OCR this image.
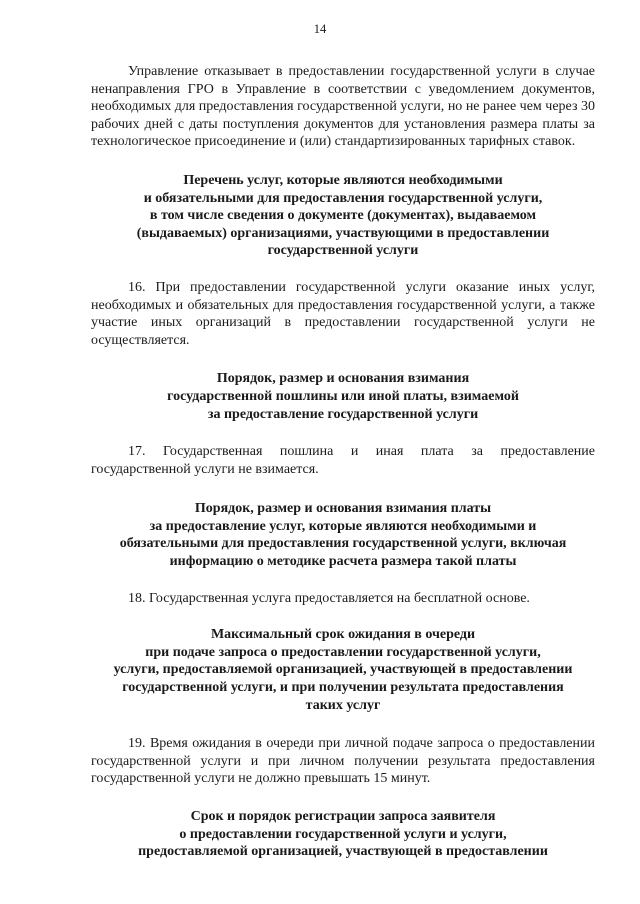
14

Управление отказывает в предоставлении государственной услуги в случае ненаправления ГРО в Управление в соответствии с уведомлением документов, необходимых для предоставления государственной услуги, но не ранее чем через 30 рабочих дней с даты поступления документов для установления размера платы за технологическое присоединение и (или) стандартизированных тарифных ставок.

Перечень услуг, которые являются необходимыми
и обязательными для предоставления государственной услуги,
в том числе сведения о документе (документах), выдаваемом
(выдаваемых) организациями, участвующими в предоставлении
государственной услуги

16. При предоставлении государственной услуги оказание иных услуг, необходимых и обязательных для предоставления государственной услуги, а также участие иных организаций в предоставлении государственной услуги не осуществляется.

Порядок, размер и основания взимания
государственной пошлины или иной платы, взимаемой
за предоставление государственной услуги

17. Государственная пошлина и иная плата за предоставление государственной услуги не взимается.

Порядок, размер и основания взимания платы
за предоставление услуг, которые являются необходимыми и
обязательными для предоставления государственной услуги, включая
информацию о методике расчета размера такой платы

18. Государственная услуга предоставляется на бесплатной основе.

Максимальный срок ожидания в очереди
при подаче запроса о предоставлении государственной услуги,
услуги, предоставляемой организацией, участвующей в предоставлении
государственной услуги, и при получении результата предоставления
таких услуг

19. Время ожидания в очереди при личной подаче запроса о предоставлении государственной услуги и при личном получении результата предоставления государственной услуги не должно превышать 15 минут.

Срок и порядок регистрации запроса заявителя
о предоставлении государственной услуги и услуги,
предоставляемой организацией, участвующей в предоставлении
